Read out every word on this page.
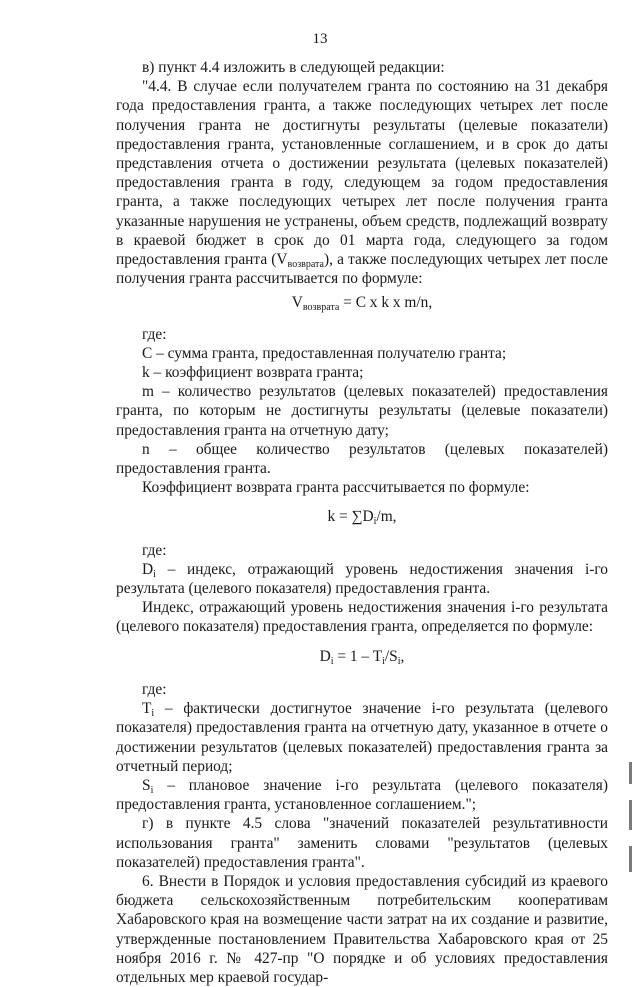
13

в) пункт 4.4 изложить в следующей редакции:

"4.4. В случае если получателем гранта по состоянию на 31 декабря года предоставления гранта, а также последующих четырех лет после получения гранта не достигнуты результаты (целевые показатели) предоставления гранта, установленные соглашением, и в срок до даты представления отчета о достижении результата (целевых показателей) предоставления гранта в году, следующем за годом предоставления гранта, а также последующих четырех лет после получения гранта указанные нарушения не устранены, объем средств, подлежащий возврату в краевой бюджет в срок до 01 марта года, следующего за годом предоставления гранта $(V_{возврата})$, а также последующих четырех лет после получения гранта рассчитывается по формуле:

$V_{возврата} = C$ x k x m/n,

где:

C – сумма гранта, предоставленная получателю гранта;

k – коэффициент возврата гранта;

m – количество результатов (целевых показателей) предоставления гранта, по которым не достигнуты результаты (целевые показатели) предоставления гранта на отчетную дату;

n – общее количество результатов (целевых показателей) предоставления гранта.

Коэффициент возврата гранта рассчитывается по формуле:

$k = \sum D_i/m$,

где:

$D_i$ – индекс, отражающий уровень недостижения значения i-го результата (целевого показателя) предоставления гранта.

Индекс, отражающий уровень недостижения значения i-го результата (целевого показателя) предоставления гранта, определяется по формуле:

$D_i = 1 - T_i/S_i$,

где:

$T_i$ – фактически достигнутое значение i-го результата (целевого показателя) предоставления гранта на отчетную дату, указанное в отчете о достижении результатов (целевых показателей) предоставления гранта за отчетный период;

$S_i$ – плановое значение i-го результата (целевого показателя) предоставления гранта, установленное соглашением.";

г) в пункте 4.5 слова "значений показателей результативности использования гранта" заменить словами "результатов (целевых показателей) предоставления гранта".

6. Внести в Порядок и условия предоставления субсидий из краевого бюджета сельскохозяйственным потребительским кооперативам Хабаровского края на возмещение части затрат на их создание и развитие, утвержденные постановлением Правительства Хабаровского края от 25 ноября 2016 г. № 427-пр "О порядке и об условиях предоставления отдельных мер краевой государ-
